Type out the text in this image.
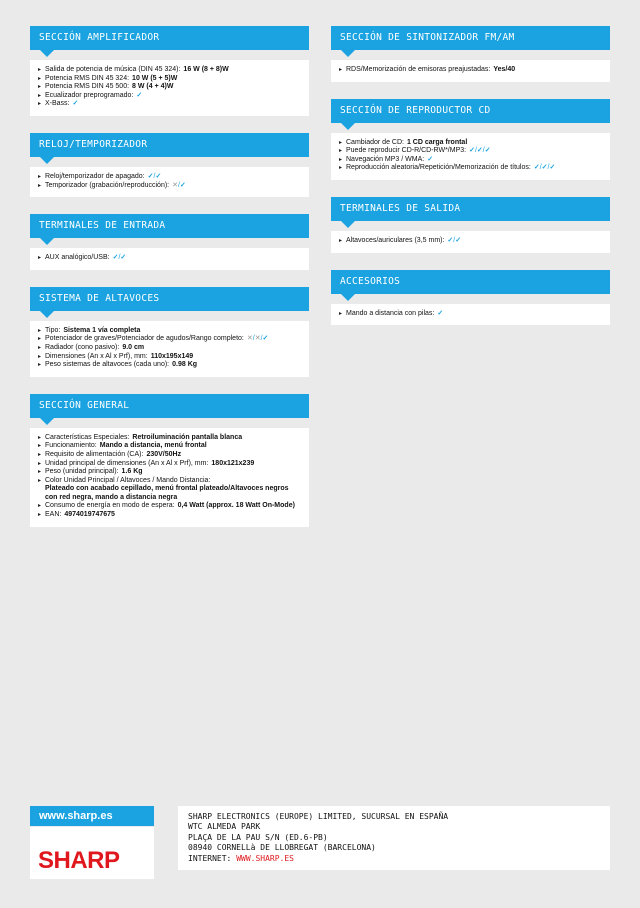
SECCIÓN AMPLIFICADOR
▸ Salida de potencia de música (DIN 45 324): 16 W (8 + 8)W
▸ Potencia RMS DIN 45 324: 10 W (5 + 5)W
▸ Potencia RMS DIN 45 500: 8 W (4 + 4)W
▸ Ecualizador preprogramado: ✓
▸ X-Bass: ✓
RELOJ/TEMPORIZADOR
▸ Reloj/temporizador de apagado: ✓/✓
▸ Temporizador (grabación/reproducción): ✕/✓
TERMINALES DE ENTRADA
▸ AUX analógico/USB: ✓/✓
SISTEMA DE ALTAVOCES
▸ Tipo: Sistema 1 vía completa
▸ Potenciador de graves/Potenciador de agudos/Rango completo: ✕/✕/✓
▸ Radiador (cono pasivo): 9.0 cm
▸ Dimensiones (An x Al x Prf), mm: 110x195x149
▸ Peso sistemas de altavoces (cada uno): 0.98 Kg
SECCIÓN GENERAL
▸ Características Especiales: Retroiluminación pantalla blanca
▸ Funcionamiento: Mando a distancia, menú frontal
▸ Requisito de alimentación (CA): 230V/50Hz
▸ Unidad principal de dimensiones (An x Al x Prf), mm: 180x121x239
▸ Peso (unidad principal): 1.6 Kg
▸ Color Unidad Principal / Altavoces / Mando Distancia:
Plateado con acabado cepillado, menú frontal plateado/Altavoces negros con red negra, mando a distancia negra
▸ Consumo de energía en modo de espera: 0,4 Watt (approx. 18 Watt On-Mode)
▸ EAN: 4974019747675
SECCIÓN DE SINTONIZADOR FM/AM
▸ RDS/Memorización de emisoras preajustadas: Yes/40
SECCIÓN DE REPRODUCTOR CD
▸ Cambiador de CD: 1 CD carga frontal
▸ Puede reproducir CD-R/CD-RW*/MP3: ✓/✓/✓
▸ Navegación MP3 / WMA: ✓
▸ Reproducción aleatoria/Repetición/Memorización de títulos: ✓/✓/✓
TERMINALES DE SALIDA
▸ Altavoces/auriculares (3,5 mm): ✓/✓
ACCESORIOS
▸ Mando a distancia con pilas: ✓
www.sharp.es
SHARP
SHARP ELECTRONICS (EUROPE) LIMITED, SUCURSAL EN ESPAÑA
WTC ALMEDA PARK
PLAÇA DE LA PAU S/N (ED.6-PB)
08940 CORNELLà DE LLOBREGAT (BARCELONA)
INTERNET: WWW.SHARP.ES
